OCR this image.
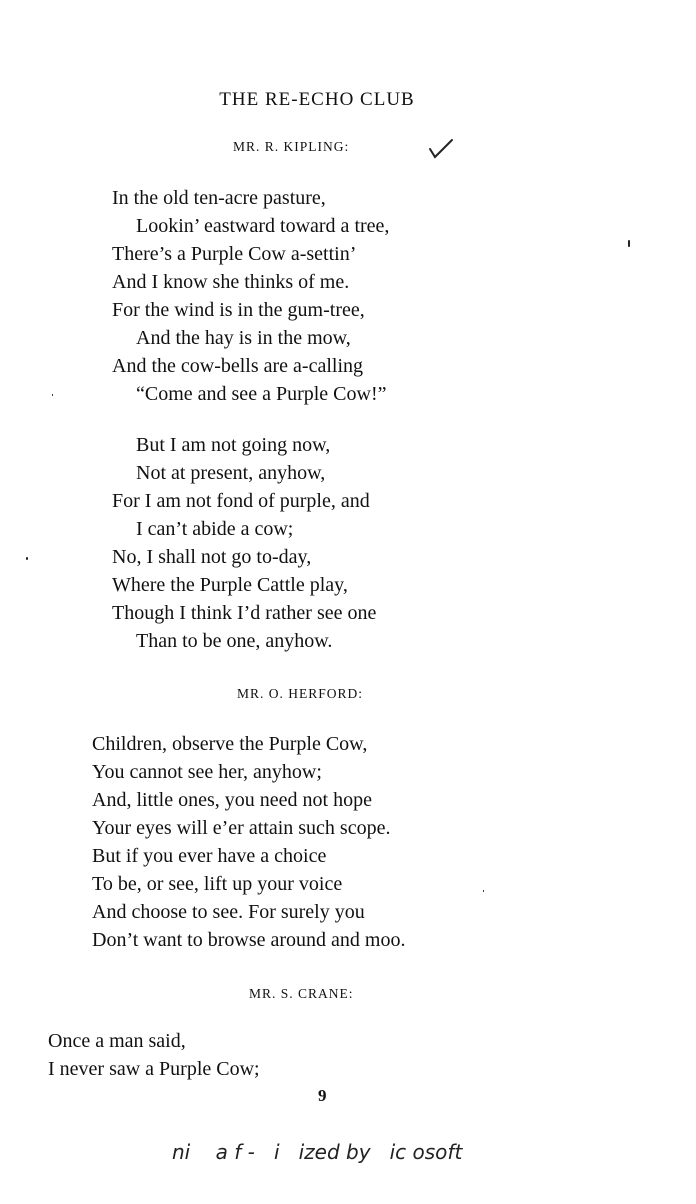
THE RE-ECHO CLUB
MR. R. KIPLING:
In the old ten-acre pasture,
Lookin’ eastward toward a tree,
There’s a Purple Cow a-settin’
And I know she thinks of me.
For the wind is in the gum-tree,
And the hay is in the mow,
And the cow-bells are a-calling
“Come and see a Purple Cow!”
But I am not going now,
Not at present, anyhow,
For I am not fond of purple, and
I can’t abide a cow;
No, I shall not go to-day,
Where the Purple Cattle play,
Though I think I’d rather see one
Than to be one, anyhow.
MR. O. HERFORD:
Children, observe the Purple Cow,
You cannot see her, anyhow;
And, little ones, you need not hope
Your eyes will e’er attain such scope.
But if you ever have a choice
To be, or see, lift up your voice
And choose to see. For surely you
Don’t want to browse around and moo.
MR. S. CRANE:
Once a man said,
I never saw a Purple Cow;
9
ni    a f -   i   ized by   ic osoft
